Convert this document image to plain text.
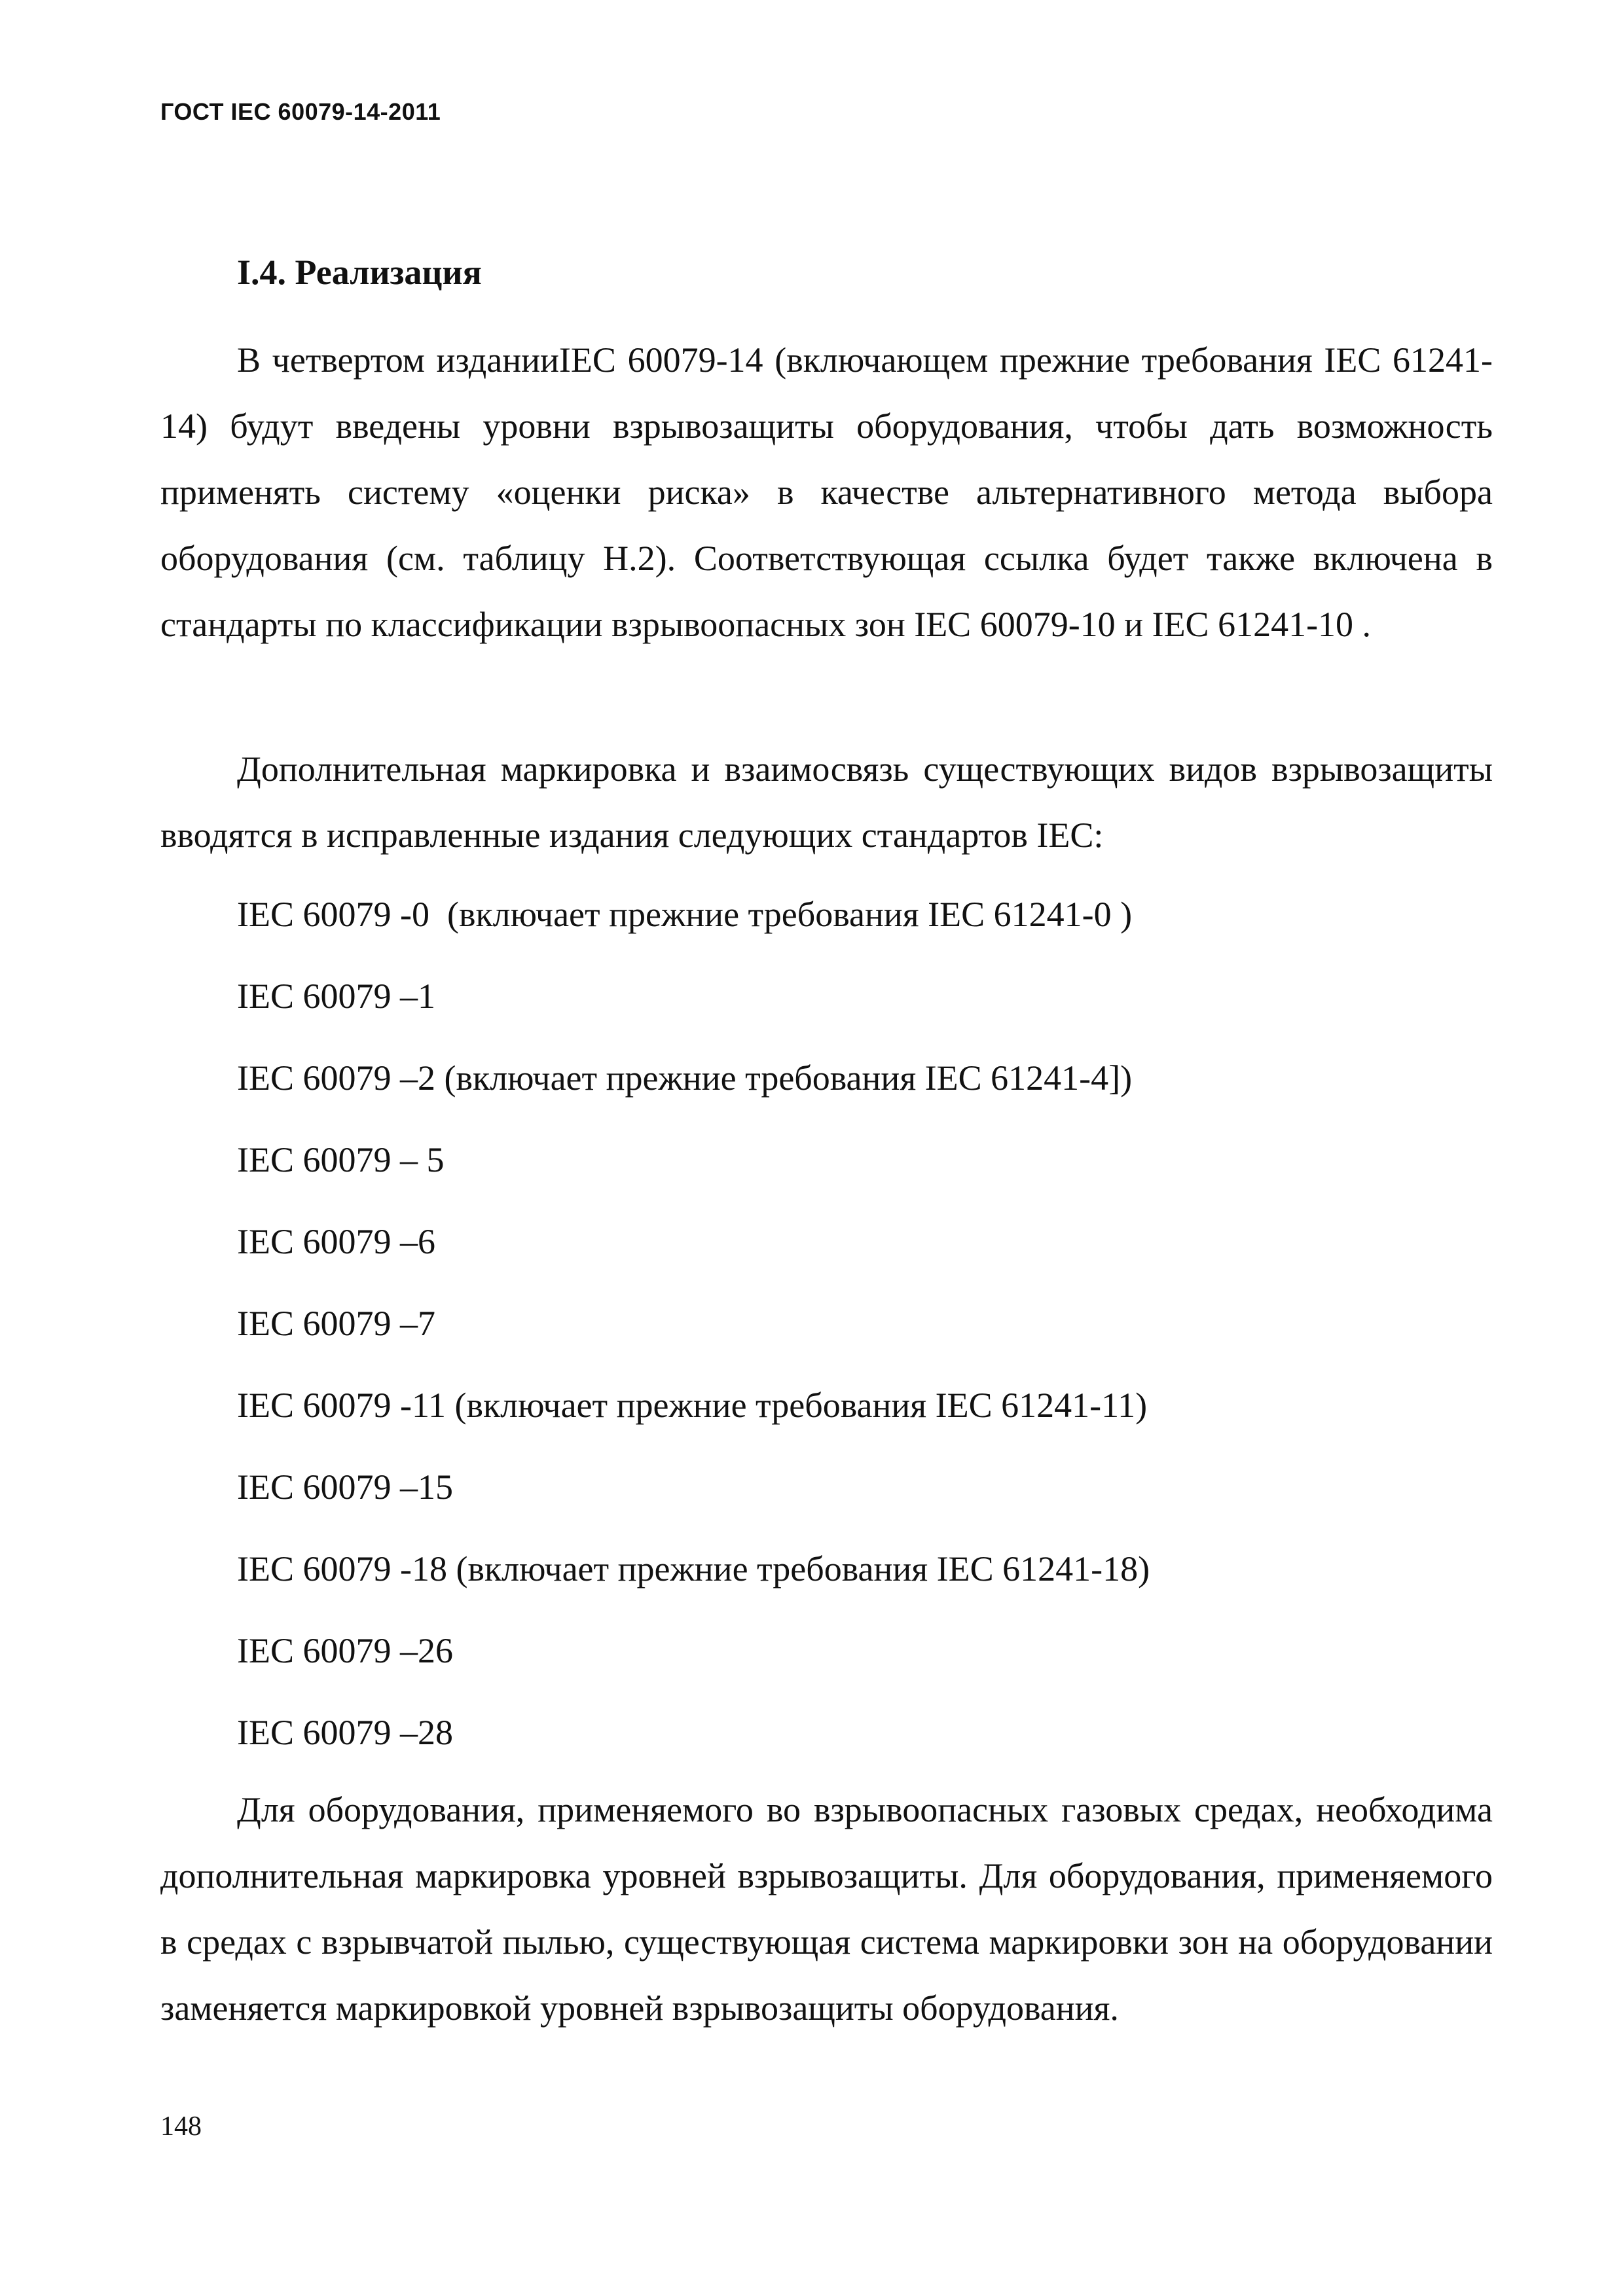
ГОСТ IEC 60079-14-2011
I.4. Реализация

В четвертом изданииIEC 60079-14 (включающем прежние требования IEC 61241-14) будут введены уровни взрывозащиты оборудования, чтобы дать возможность применять систему «оценки риска» в качестве альтернативного метода выбора оборудования (см. таблицу H.2). Соответствующая ссылка будет также включена в стандарты по классификации взрывоопасных зон IEC 60079-10 и IEC 61241-10 .

Дополнительная маркировка и взаимосвязь существующих видов взрывозащиты вводятся в исправленные издания следующих стандартов IEC:

IEC 60079 -0  (включает прежние требования IEC 61241-0 )
IEC 60079 –1
IEC 60079 –2 (включает прежние требования IEC 61241-4])
IEC 60079 – 5
IEC 60079 –6
IEC 60079 –7
IEC 60079 -11 (включает прежние требования IEC 61241-11)
IEC 60079 –15
IEC 60079 -18 (включает прежние требования IEC 61241-18)
IEC 60079 –26
IEC 60079 –28

Для оборудования, применяемого во взрывоопасных газовых средах, необходима дополнительная маркировка уровней взрывозащиты. Для оборудования, применяемого в средах с взрывчатой пылью, существующая система маркировки зон на оборудовании заменяется маркировкой уровней взрывозащиты оборудования.

148
